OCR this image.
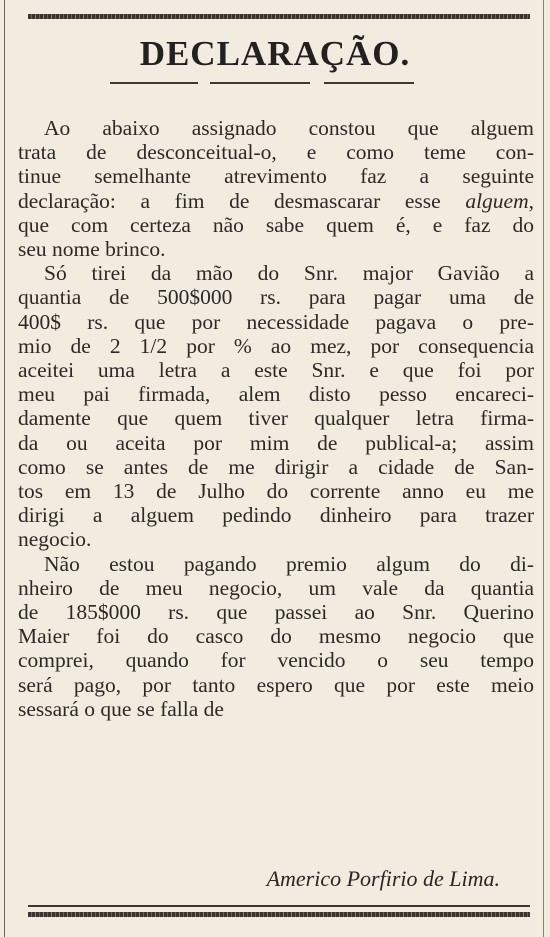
DECLARAÇÃO.
Ao abaixo assignado constou que alguem
trata de desconceitual-o, e como teme con-
tinue semelhante atrevimento faz a seguinte
declaração: a fim de desmascarar esse alguem,
que com certeza não sabe quem é, e faz do
seu nome brinco.
Só tirei da mão do Snr. major Gavião a
quantia de 500$000 rs. para pagar uma de
400$ rs. que por necessidade pagava o pre-
mio de 2 1/2 por % ao mez, por consequencia
aceitei uma letra a este Snr. e que foi por
meu pai firmada, alem disto pesso encareci-
damente que quem tiver qualquer letra firma-
da ou aceita por mim de publical-a; assim
como se antes de me dirigir a cidade de San-
tos em 13 de Julho do corrente anno eu me
dirigi a alguem pedindo dinheiro para trazer
negocio.
Não estou pagando premio algum do di-
nheiro de meu negocio, um vale da quantia
de 185$000 rs. que passei ao Snr. Querino
Maier foi do casco do mesmo negocio que
comprei, quando for vencido o seu tempo
será pago, por tanto espero que por este meio
sessará o que se falla de
Americo Porfirio de Lima.
